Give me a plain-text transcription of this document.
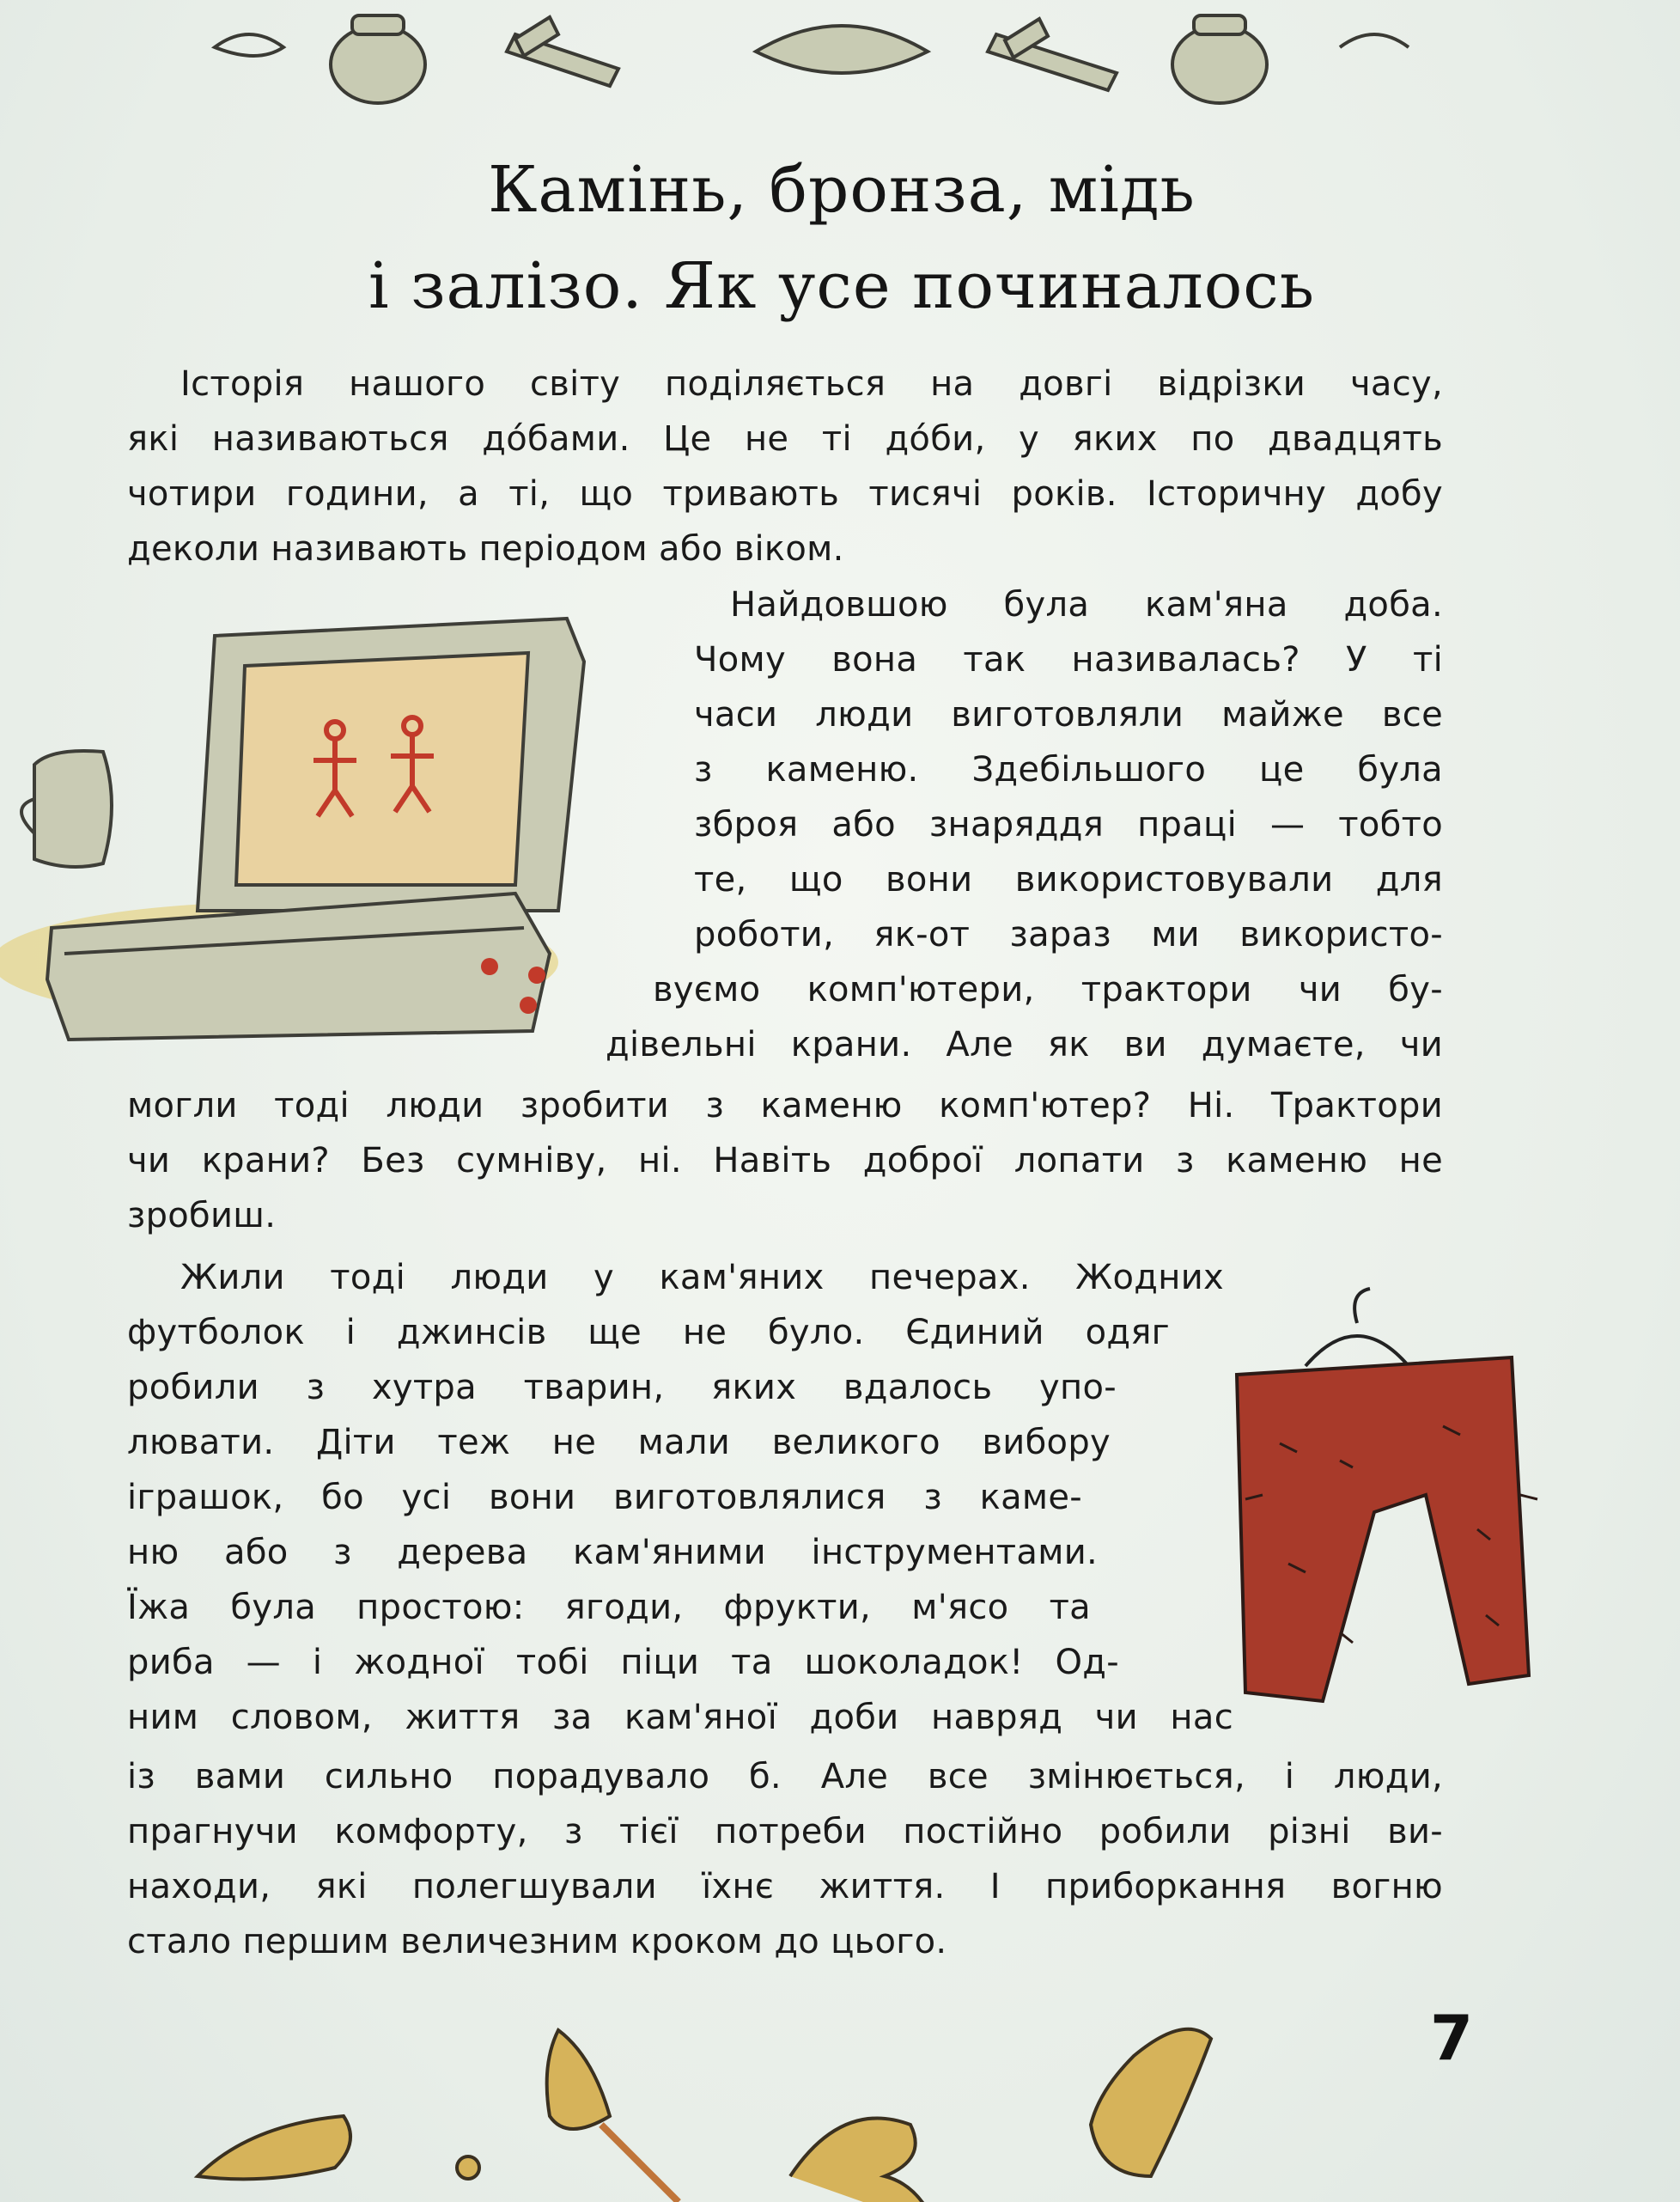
Камінь, бронза, мідь
і залізо. Як усе починалось
Історія нашого світу поділяється на довгі відрізки часу,
які називаються дóбами. Це не ті дóби, у яких по двадцять
чотири години, а ті, що тривають тисячі років. Історичну добу
деколи називають періодом або віком.
Найдовшою була кам'яна доба.
Чому вона так називалась? У ті
часи люди виготовляли майже все
з каменю. Здебільшого це була
зброя або знаряддя праці — тобто
те, що вони використовували для
роботи, як-от зараз ми використо-
вуємо комп'ютери, трактори чи бу-
дівельні крани. Але як ви думаєте, чи
могли тоді люди зробити з каменю комп'ютер? Ні. Трактори
чи крани? Без сумніву, ні. Навіть доброї лопати з каменю не
зробиш.
Жили тоді люди у кам'яних печерах. Жодних
футболок і джинсів ще не було. Єдиний одяг
робили з хутра тварин, яких вдалось упо-
лювати. Діти теж не мали великого вибору
іграшок, бо усі вони виготовлялися з каме-
ню або з дерева кам'яними інструментами.
Їжа була простою: ягоди, фрукти, м'ясо та
риба — і жодної тобі піци та шоколадок! Од-
ним словом, життя за кам'яної доби навряд чи нас
із вами сильно порадувало б. Але все змінюється, і люди,
прагнучи комфорту, з тієї потреби постійно робили різні ви-
находи, які полегшували їхнє життя. І приборкання вогню
стало першим величезним кроком до цього.
7
